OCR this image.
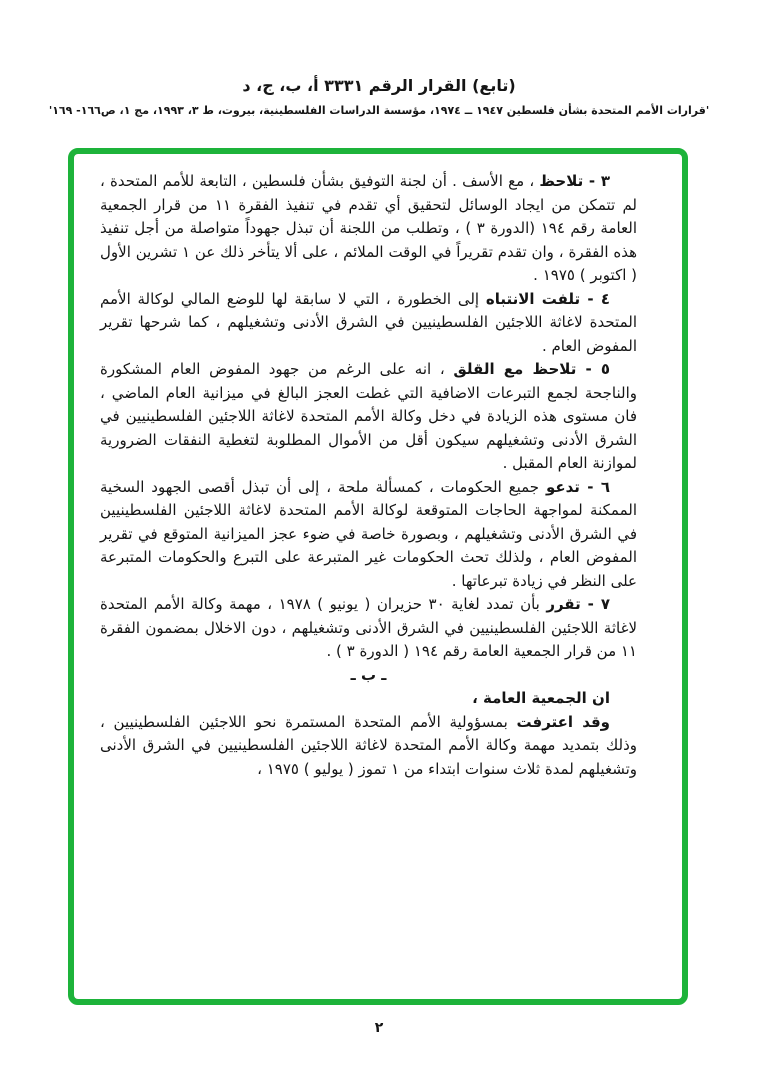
(تابع) القرار الرقم ٣٣٣١ أ، ب، ج، د
'قرارات الأمم المتحدة بشأن فلسطين ١٩٤٧ ــ ١٩٧٤، مؤسسة الدراسات الفلسطينية، بيروت، ط ٣، ١٩٩٣، مج ١، ص١٦٦- ١٦٩'

٣ - تلاحظ ، مع الأسف . أن لجنة التوفيق بشأن فلسطين ، التابعة للأمم المتحدة ، لم تتمكن من ايجاد الوسائل لتحقيق أي تقدم في تنفيذ الفقرة ١١ من قرار الجمعية العامة رقم ١٩٤ (الدورة ٣ ) ، وتطلب من اللجنة أن تبذل جهوداً متواصلة من أجل تنفيذ هذه الفقرة ، وان تقدم تقريراً في الوقت الملائم ، على ألا يتأخر ذلك عن ١ تشرين الأول ( اكتوبر ) ١٩٧٥ .

٤ - تلفت الانتباه إلى الخطورة ، التي لا سابقة لها للوضع المالي لوكالة الأمم المتحدة لاغاثة اللاجئين الفلسطينيين في الشرق الأدنى وتشغيلهم ، كما شرحها تقرير المفوض العام .

٥ - تلاحظ مع القلق ، انه على الرغم من جهود المفوض العام المشكورة والناجحة لجمع التبرعات الاضافية التي غطت العجز البالغ في ميزانية العام الماضي ، فان مستوى هذه الزيادة في دخل وكالة الأمم المتحدة لاغاثة اللاجئين الفلسطينيين في الشرق الأدنى وتشغيلهم سيكون أقل من الأموال المطلوبة لتغطية النفقات الضرورية لموازنة العام المقبل .

٦ - تدعو جميع الحكومات ، كمسألة ملحة ، إلى أن تبذل أقصى الجهود السخية الممكنة لمواجهة الحاجات المتوقعة لوكالة الأمم المتحدة لاغاثة اللاجئين الفلسطينيين في الشرق الأدنى وتشغيلهم ، وبصورة خاصة في ضوء عجز الميزانية المتوقع في تقرير المفوض العام ، ولذلك تحث الحكومات غير المتبرعة على التبرع والحكومات المتبرعة على النظر في زيادة تبرعاتها .

٧ - تقرر بأن تمدد لغاية ٣٠ حزيران ( يونيو ) ١٩٧٨ ، مهمة وكالة الأمم المتحدة لاغاثة اللاجئين الفلسطينيين في الشرق الأدنى وتشغيلهم ، دون الاخلال بمضمون الفقرة ١١ من قرار الجمعية العامة رقم ١٩٤ ( الدورة ٣ ) .

ـ ب ـ

ان الجمعية العامة ،

وقد اعترفت بمسؤولية الأمم المتحدة المستمرة نحو اللاجئين الفلسطينيين ، وذلك بتمديد مهمة وكالة الأمم المتحدة لاغاثة اللاجئين الفلسطينيين في الشرق الأدنى وتشغيلهم لمدة ثلاث سنوات ابتداء من ١ تموز ( يوليو ) ١٩٧٥ ،

٢
